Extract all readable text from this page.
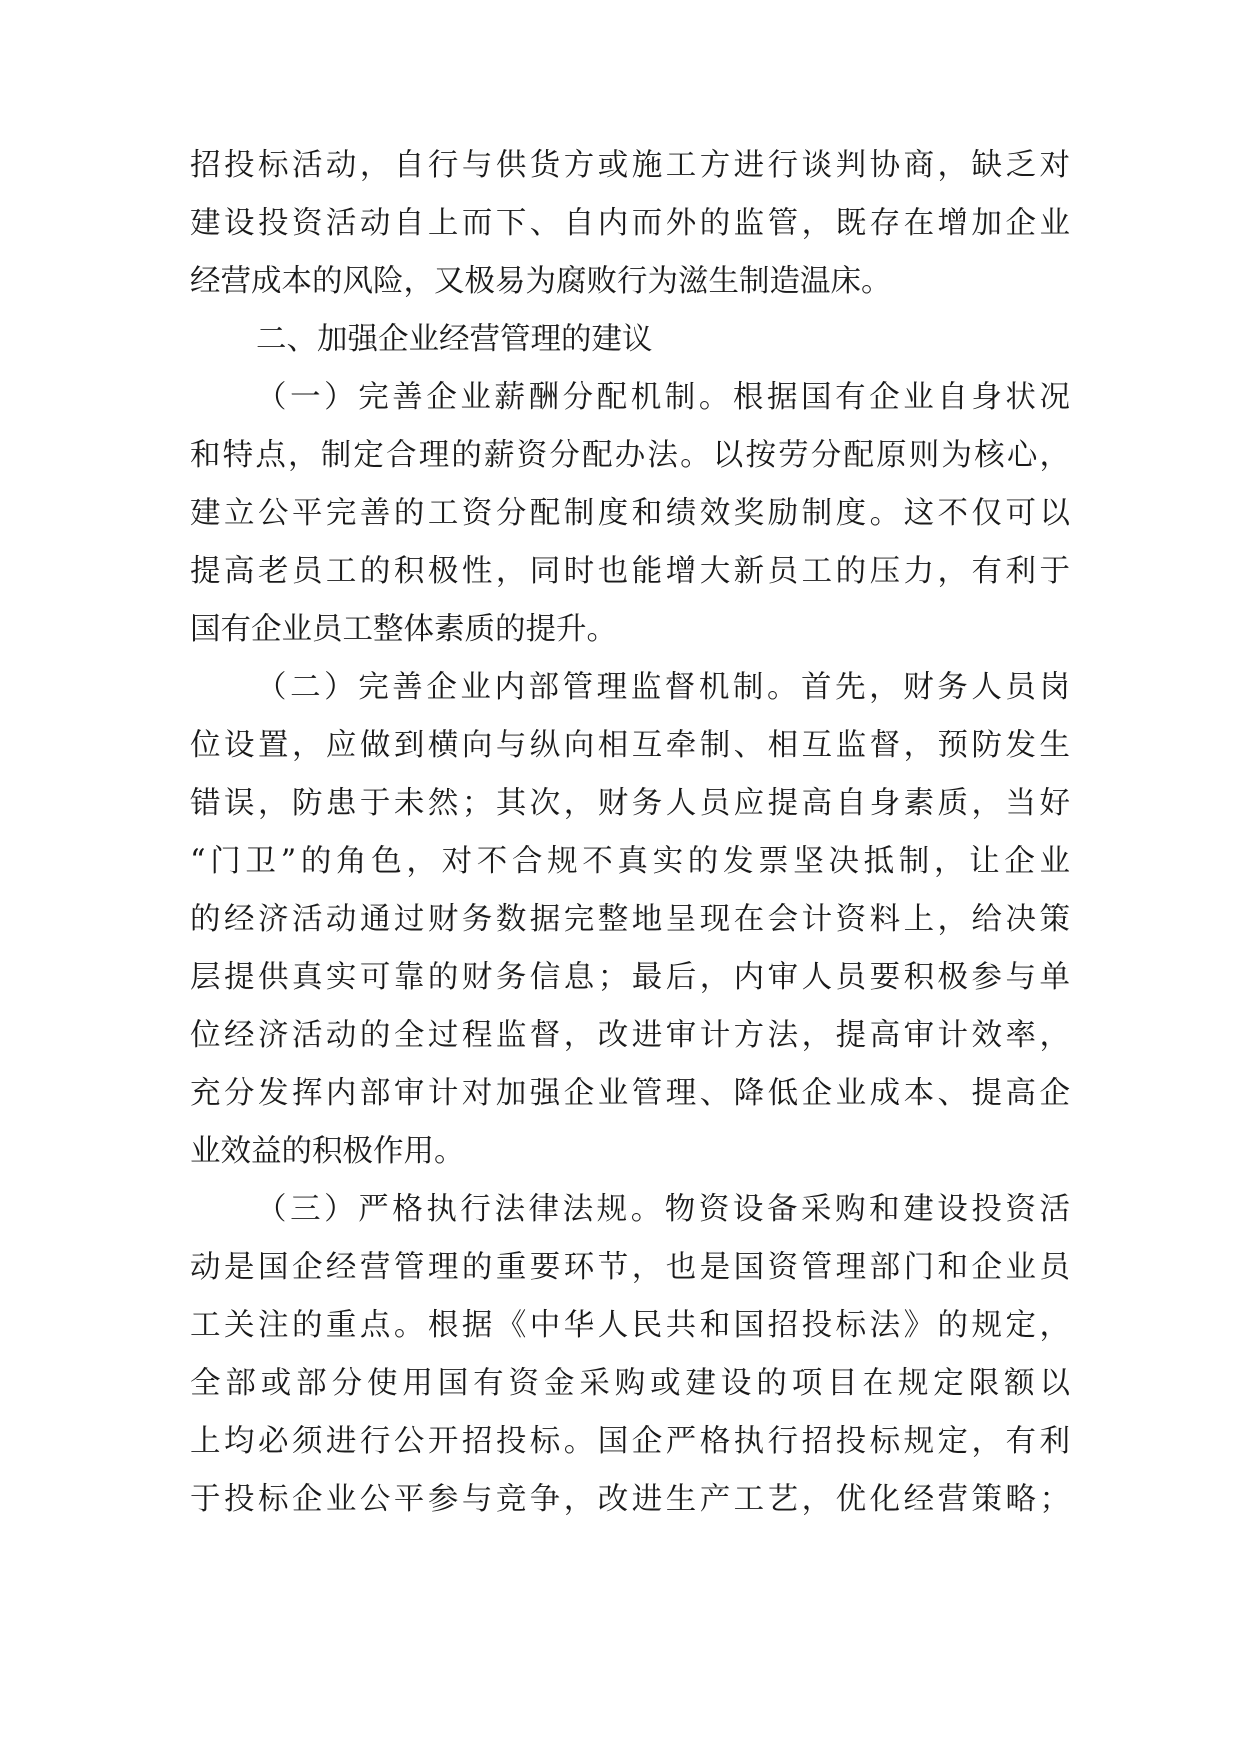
招投标活动，自行与供货方或施工方进行谈判协商，缺乏对
建设投资活动自上而下、自内而外的监管，既存在增加企业
经营成本的风险，又极易为腐败行为滋生制造温床。
二、加强企业经营管理的建议
（一）完善企业薪酬分配机制。根据国有企业自身状况
和特点，制定合理的薪资分配办法。以按劳分配原则为核心，
建立公平完善的工资分配制度和绩效奖励制度。这不仅可以
提高老员工的积极性，同时也能增大新员工的压力，有利于
国有企业员工整体素质的提升。
（二）完善企业内部管理监督机制。首先，财务人员岗
位设置，应做到横向与纵向相互牵制、相互监督，预防发生
错误，防患于未然；其次，财务人员应提高自身素质，当好
“门卫”的角色，对不合规不真实的发票坚决抵制，让企业
的经济活动通过财务数据完整地呈现在会计资料上，给决策
层提供真实可靠的财务信息；最后，内审人员要积极参与单
位经济活动的全过程监督，改进审计方法，提高审计效率，
充分发挥内部审计对加强企业管理、降低企业成本、提高企
业效益的积极作用。
（三）严格执行法律法规。物资设备采购和建设投资活
动是国企经营管理的重要环节，也是国资管理部门和企业员
工关注的重点。根据《中华人民共和国招投标法》的规定，
全部或部分使用国有资金采购或建设的项目在规定限额以
上均必须进行公开招投标。国企严格执行招投标规定，有利
于投标企业公平参与竞争，改进生产工艺，优化经营策略；
